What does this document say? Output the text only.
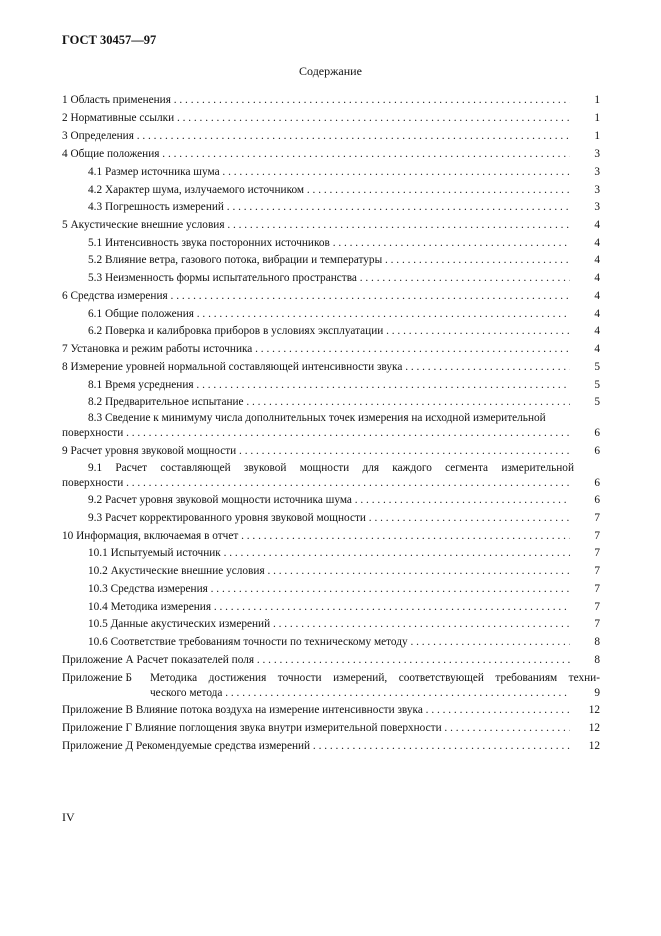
ГОСТ 30457—97
Содержание
1 Область применения . . .	1
2 Нормативные ссылки . . .	1
3 Определения . . .	1
4 Общие положения . . .	3
4.1 Размер источника шума . . .	3
4.2 Характер шума, излучаемого источником . . .	3
4.3 Погрешность измерений . . .	3
5 Акустические внешние условия . . .	4
5.1 Интенсивность звука посторонних источников . . .	4
5.2 Влияние ветра, газового потока, вибрации и температуры . . .	4
5.3 Неизменность формы испытательного пространства . . .	4
6 Средства измерения . . .	4
6.1 Общие положения . . .	4
6.2 Поверка и калибровка приборов в условиях эксплуатации . . .	4
7 Установка и режим работы источника . . .	4
8 Измерение уровней нормальной составляющей интенсивности звука . . .	5
8.1 Время усреднения . . .	5
8.2 Предварительное испытание . . .	5
8.3 Сведение к минимуму числа дополнительных точек измерения на исходной измерительной
поверхности . . .	6
9 Расчет уровня звуковой мощности . . .	6
9.1 Расчет составляющей звуковой мощности для каждого сегмента измерительной
поверхности . . .	6
9.2 Расчет уровня звуковой мощности источника шума . . .	6
9.3 Расчет корректированного уровня звуковой мощности . . .	7
10 Информация, включаемая в отчет . . .	7
10.1 Испытуемый источник . . .	7
10.2 Акустические внешние условия . . .	7
10.3 Средства измерения . . .	7
10.4 Методика измерения . . .	7
10.5 Данные акустических измерений . . .	7
10.6 Соответствие требованиям точности по техническому методу . . .	8
Приложение А Расчет показателей поля . . .	8
Приложение Б Методика достижения точности измерений, соответствующей требованиям техни-
ческого метода . . .	9
Приложение В Влияние потока воздуха на измерение интенсивности звука . . .	12
Приложение Г Влияние поглощения звука внутри измерительной поверхности . . .	12
Приложение Д Рекомендуемые средства измерений . . .	12
IV
